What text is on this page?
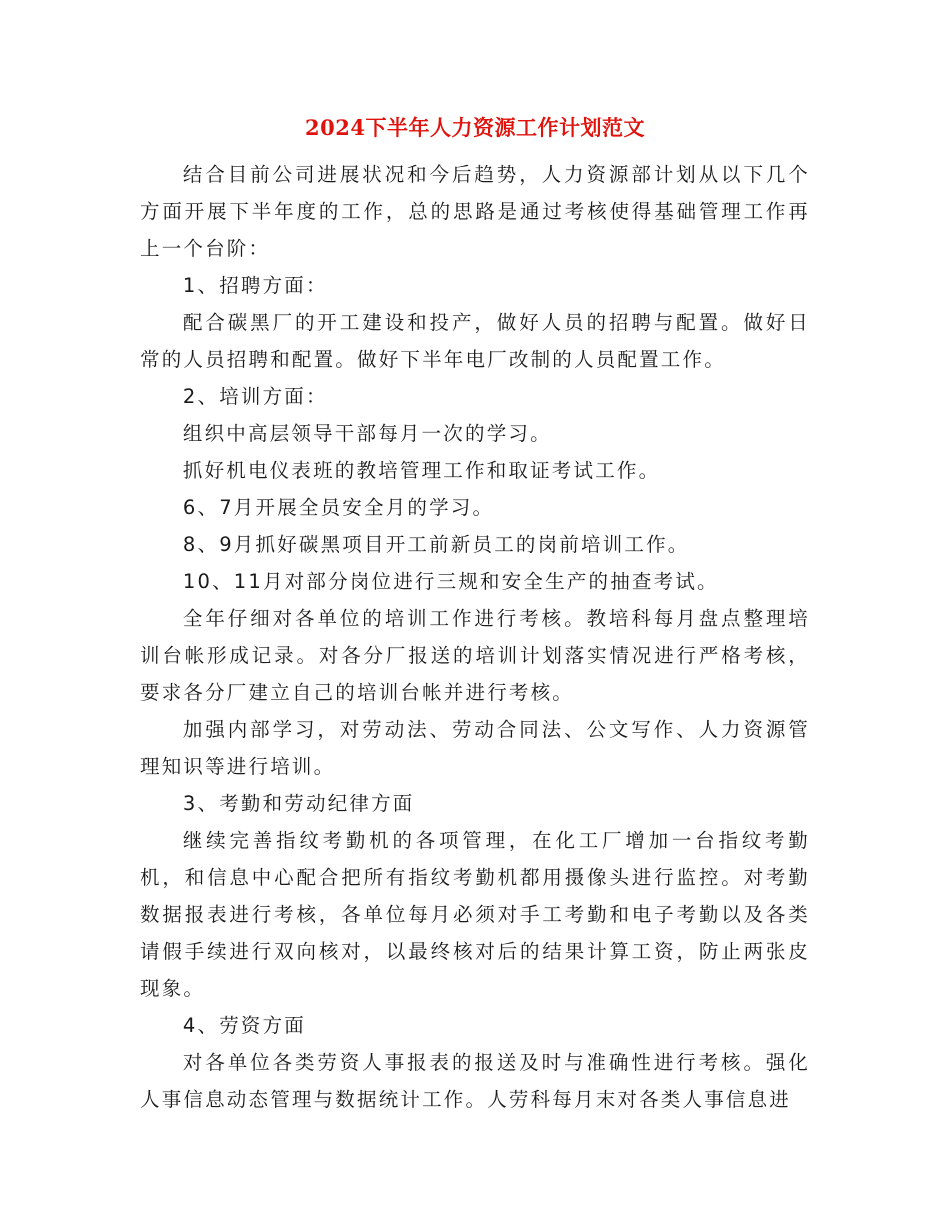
2024下半年人力资源工作计划范文

结合目前公司进展状况和今后趋势，人力资源部计划从以下几个方面开展下半年度的工作，总的思路是通过考核使得基础管理工作再上一个台阶：

1、招聘方面：

配合碳黑厂的开工建设和投产，做好人员的招聘与配置。做好日常的人员招聘和配置。做好下半年电厂改制的人员配置工作。

2、培训方面：

组织中高层领导干部每月一次的学习。

抓好机电仪表班的教培管理工作和取证考试工作。

6、7月开展全员安全月的学习。

8、9月抓好碳黑项目开工前新员工的岗前培训工作。

10、11月对部分岗位进行三规和安全生产的抽查考试。

全年仔细对各单位的培训工作进行考核。教培科每月盘点整理培训台帐形成记录。对各分厂报送的培训计划落实情况进行严格考核，要求各分厂建立自己的培训台帐并进行考核。

加强内部学习，对劳动法、劳动合同法、公文写作、人力资源管理知识等进行培训。

3、考勤和劳动纪律方面

继续完善指纹考勤机的各项管理，在化工厂增加一台指纹考勤机，和信息中心配合把所有指纹考勤机都用摄像头进行监控。对考勤数据报表进行考核，各单位每月必须对手工考勤和电子考勤以及各类请假手续进行双向核对，以最终核对后的结果计算工资，防止两张皮现象。

4、劳资方面

对各单位各类劳资人事报表的报送及时与准确性进行考核。强化人事信息动态管理与数据统计工作。人劳科每月末对各类人事信息进
